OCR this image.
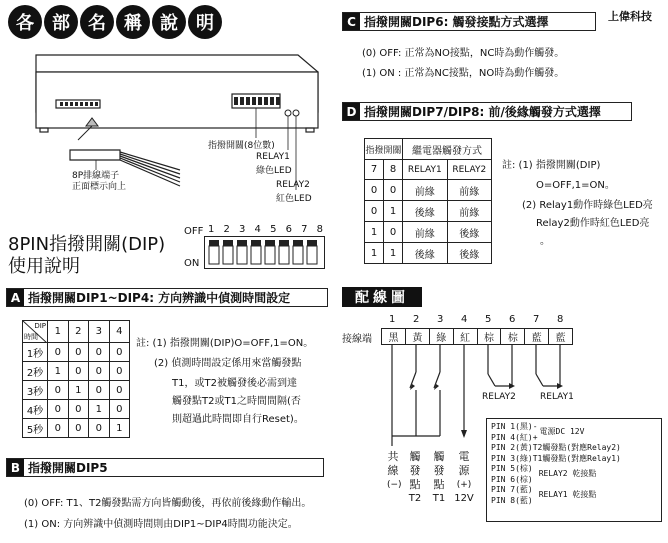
各	部	名	稱	說	明
指撥開關(8位數)
RELAY1
綠色LED
RELAY2
紅色LED
8P排線端子
正面標示向上
8PIN指撥開關(DIP)
使用說明
OFF
ON
1 2 3 4 5 6 7 8
A 指撥開關DIP1~DIP4: 方向辨識中偵測時間設定
DIP
時間	1	2	3	4
1秒	0	0	0	0
2秒	1	0	0	0
3秒	0	1	0	0
4秒	0	0	1	0
5秒	0	0	0	1
註: (1) 指撥開關(DIP)O=OFF,1=ON。
(2) 偵測時間設定係用來當觸發點
T1，或T2被觸發後必需到達
觸發點T2或T1之時間間隔(否
則超過此時間即自行Reset)。
B 指撥開關DIP5
(0) OFF: T1、T2觸發點需方向皆觸動後，再依前後緣動作輸出。
(1) ON: 方向辨識中偵測時間則由DIP1~DIP4時間功能決定。
C 指撥開關DIP6: 觸發接點方式選擇	上偉科技
(0) OFF: 正常為NO接點，NC時為動作觸發。
(1) ON : 正常為NC接點，NO時為動作觸發。
D 指撥開關DIP7/DIP8: 前/後緣觸發方式選擇
指撥開關		繼電器觸發方式	
7	8	RELAY1	RELAY2
0	0	前緣	前緣
0	1	後緣	前緣
1	0	前緣	後緣
1	1	後緣	後緣
註: (1) 指撥開關(DIP)
O=OFF,1=ON。
(2) Relay1動作時綠色LED亮
Relay2動作時紅色LED亮
。
配線圖
接線端
1 2 3 4 5 6 7 8
黑	黃	綠	紅	棕	棕	藍	藍
RELAY2	RELAY1
共
線
(−)
觸
發
點
T2
觸
發
點
T1
電
源
(+)
12V
PIN 1(黑)-
PIN 4(紅)+
電源DC 12V
PIN 2(黃)T2觸發點(對應Relay2)
PIN 3(綠)T1觸發點(對應Relay1)
PIN 5(棕)
PIN 6(棕)
RELAY2 乾接點
PIN 7(藍)
PIN 8(藍)
RELAY1 乾接點
